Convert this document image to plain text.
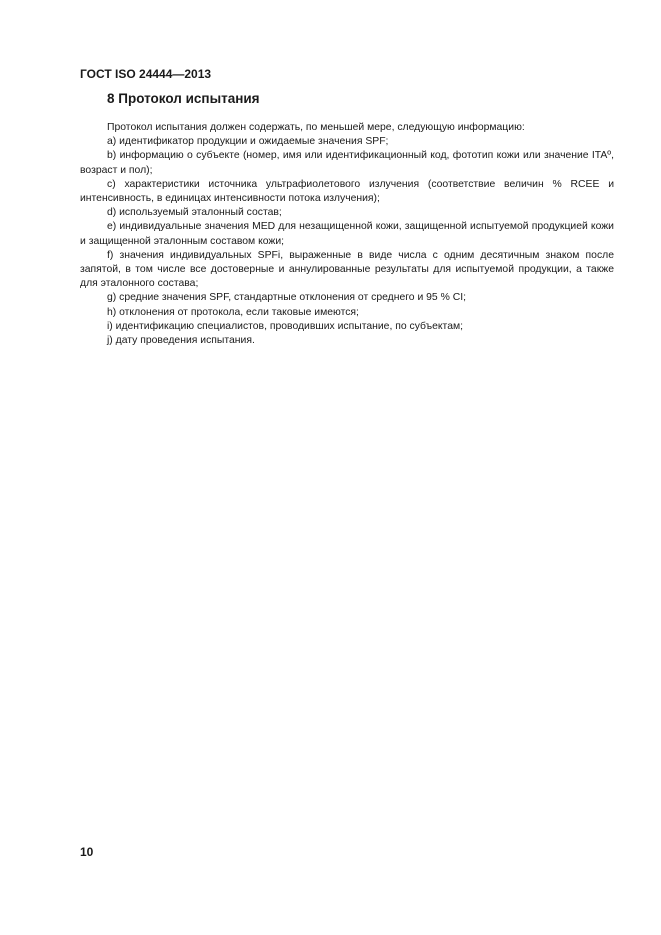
ГОСТ ISO 24444—2013
8 Протокол испытания

Протокол испытания должен содержать, по меньшей мере, следующую информацию:

a) идентификатор продукции и ожидаемые значения SPF;

b) информацию о субъекте (номер, имя или идентификационный код, фототип кожи или значение ITAº, возраст и пол);

c) характеристики источника ультрафиолетового излучения (соответствие величин % RCEE и интенсивность, в единицах интенсивности потока излучения);

d) используемый эталонный состав;

e) индивидуальные значения MED для незащищенной кожи, защищенной испытуемой продукцией кожи и защищенной эталонным составом кожи;

f) значения индивидуальных SPFi, выраженные в виде числа с одним десятичным знаком после запятой, в том числе все достоверные и аннулированные результаты для испытуемой продукции, а также для эталонного состава;

g) средние значения SPF, стандартные отклонения от среднего и 95 % CI;

h) отклонения от протокола, если таковые имеются;

i) идентификацию специалистов, проводивших испытание, по субъектам;

j) дату проведения испытания.

10
